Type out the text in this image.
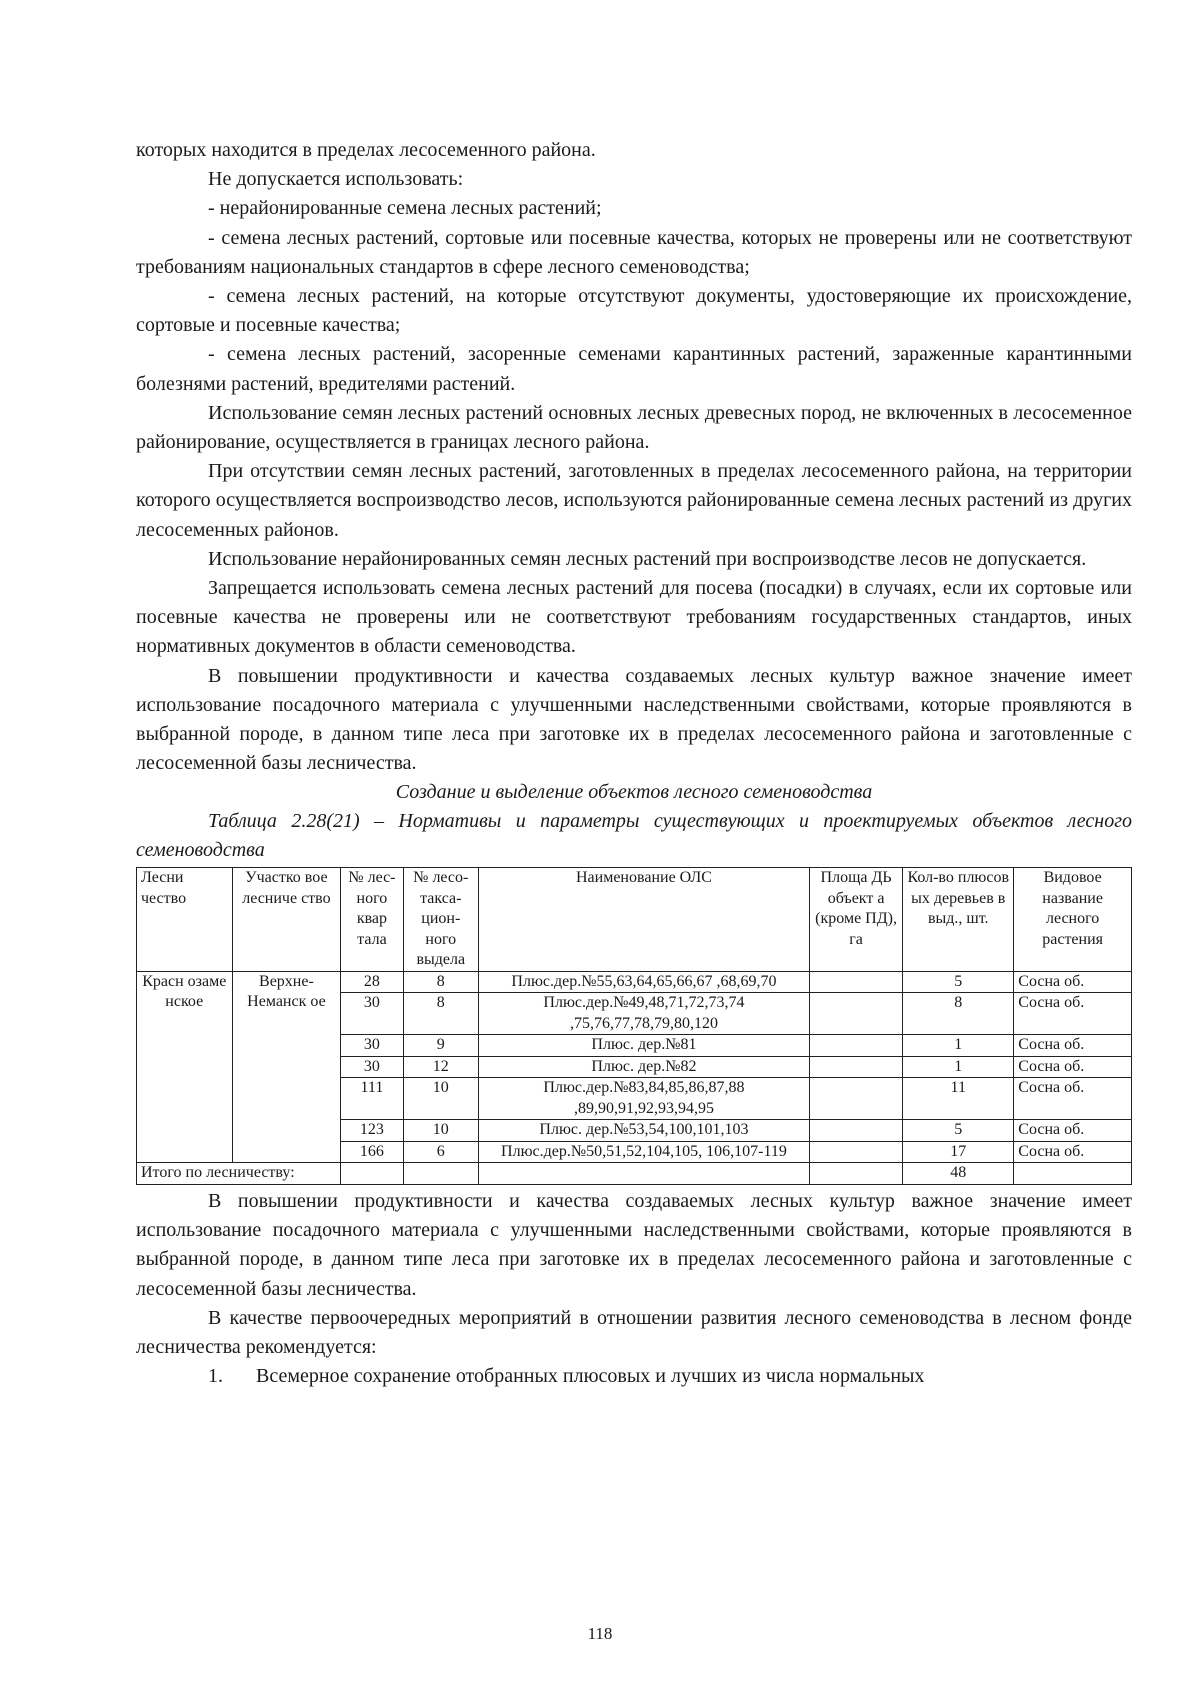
которых находится в пределах лесосеменного района.

Не допускается использовать:

- нерайонированные семена лесных растений;

- семена лесных растений, сортовые или посевные качества, которых не проверены или не соответствуют требованиям национальных стандартов в сфере лесного семеноводства;

- семена лесных растений, на которые отсутствуют документы, удостоверяющие их происхождение, сортовые и посевные качества;

- семена лесных растений, засоренные семенами карантинных растений, зараженные карантинными болезнями растений, вредителями растений.

Использование семян лесных растений основных лесных древесных пород, не включенных в лесосеменное районирование, осуществляется в границах лесного района.

При отсутствии семян лесных растений, заготовленных в пределах лесосеменного района, на территории которого осуществляется воспроизводство лесов, используются районированные семена лесных растений из других лесосеменных районов.

Использование нерайонированных семян лесных растений при воспроизводстве лесов не допускается.

Запрещается использовать семена лесных растений для посева (посадки) в случаях, если их сортовые или посевные качества не проверены или не соответствуют требованиям государственных стандартов, иных нормативных документов в области семеноводства.

В повышении продуктивности и качества создаваемых лесных культур важное значение имеет использование посадочного материала с улучшенными наследственными свойствами, которые проявляются в выбранной породе, в данном типе леса при заготовке их в пределах лесосеменного района и заготовленные с лесосеменной базы лесничества.

Создание и выделение объектов лесного семеноводства

Таблица 2.28(21) – Нормативы и параметры существующих и проектируемых объектов лесного семеноводства

Лесни чество	Участко вое лесниче ство	№ лес-ного квар тала	№ лесо-такса-цион-ного выдела	Наименование ОЛС	Площа ДЬ объект а (кроме ПД), га	Кол-во плюсов ых деревьев в выд., шт.	Видовое название лесного растения
Красн озаме нское	Верхне-Неманск ое	28	8	Плюс.дер.№55,63,64,65,66,67 ,68,69,70		5	Сосна об.
		30	8	Плюс.дер.№49,48,71,72,73,74 ,75,76,77,78,79,80,120		8	Сосна об.
		30	9	Плюс. дер.№81		1	Сосна об.
		30	12	Плюс. дер.№82		1	Сосна об.
		111	10	Плюс.дер.№83,84,85,86,87,88 ,89,90,91,92,93,94,95		11	Сосна об.
		123	10	Плюс. дер.№53,54,100,101,103		5	Сосна об.
		166	6	Плюс.дер.№50,51,52,104,105, 106,107-119		17	Сосна об.
Итого по лесничеству:						48	

В повышении продуктивности и качества создаваемых лесных культур важное значение имеет использование посадочного материала с улучшенными наследственными свойствами, которые проявляются в выбранной породе, в данном типе леса при заготовке их в пределах лесосеменного района и заготовленные с лесосеменной базы лесничества.

В качестве первоочередных мероприятий в отношении развития лесного семеноводства в лесном фонде лесничества рекомендуется:

1.	Всемерное сохранение отобранных плюсовых и лучших из числа нормальных

118
